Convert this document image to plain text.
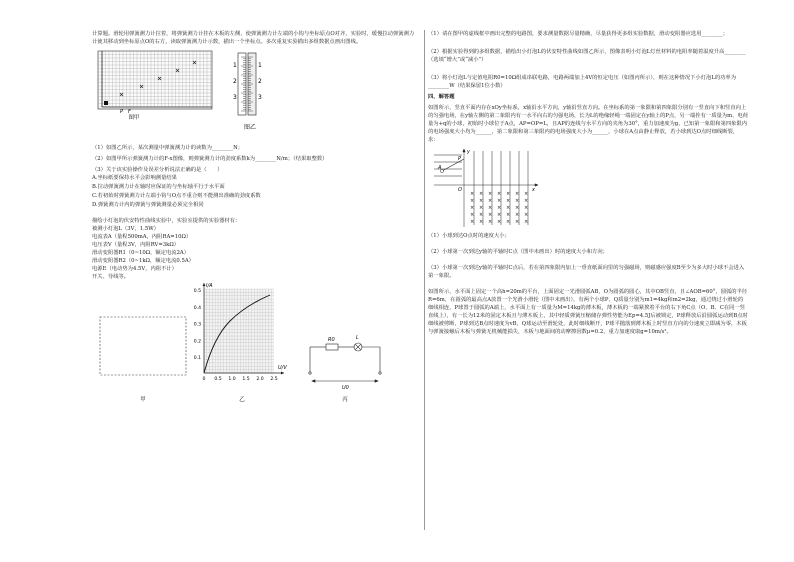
计算题。滑轮用弹簧测力计拉着，将弹簧测力计挂在木板的左侧，使弹簧测力计左端的小钩与坐标原点O对齐，实验时，缓慢拉动弹簧测力计使其移动到坐标原点O的右方，读取弹簧测力计示数，描出一个坐标点。多次重复实验描出多组数据点画出图线。

图甲
P F
1
2
3
1
2
3
图乙

（1）如图乙所示，某次测量中弹簧测力计的读数为________N；

（2）如图甲所示弹簧测力计的F-x图像，则弹簧测力计的劲度系数k为________N/m；（结果取整数）

（3）关于该实验操作及误差分析说法正确的是（　　）

A.坐标纸要保持水平会影响测量结果

B.拉动弹簧测力计在轴时应保证的与坐标轴平行于水平面

C.若初始时弹簧测力计左端小钩与O点不重合则不能测出准确的劲度系数

D.弹簧测力计内的弹簧与弹簧测量必须完全相同

描绘小灯泡的伏安特性曲线实验中，实验室提供的实验器材有：

被测小灯泡L（3V，1.5W）

电流表A（量程500mA，内阻RA=10Ω）

电压表V（量程3V，内阻RV=3kΩ）

滑动变阻器R1（0~10Ω，额定电流2A）

滑动变阻器R2（0~1kΩ，额定电流0.5A）

电源E（电动势为4.5V，内阻不计）

开关、导线等。

甲
I/A
U/V
0.5
0.4
0.3
0.2
0.1
0 0.5 1.0 1.5 2.0 2.5
乙
R0	L
U0
丙

（1）请在图甲的虚线框中画出完整的电路图，要求测量数据尽量精确，尽量获得更多组实验数据，滑动变阻器应选用________；

（2）根据实验得到的多组数据，描绘出小灯泡L的伏安特性曲线如图乙所示，图像表明小灯泡L灯丝材料的电阻率随着温度升高________（选填“增大”或“减小”）

（3）将小灯泡L与定值电阻R0=10Ω组成串联电路，电路两端加上4V的恒定电压（如图丙所示），则在这种情况下小灯泡L的功率为________W（结果保留1位小数）

四、解答题

如图所示，竖直平面内存在xOy坐标系，x轴沿水平方向，y轴沿竖直方向。在坐标系的第一象限和第四象限分别有一竖直向下和竖直向上的匀强电场，在y轴左侧的第二象限内有一水平向右的匀强电场，长为L的绝缘轻绳一端固定在y轴上的P点，另一端拴有一质量为m、电荷量为+q的小球，初始时小球位于A点，AP=OP=L，且AP的连线与水平方向的夹角为30°，重力加速度为g，已知第一象限和第四象限内的电场强度大小均为______，第二象限和第三象限内的电场强度大小为______，小球在A点由静止释放，若小球到达O点时细线断裂，求：

×
×
×
×
×
×
×
×
×
×
×
×
×
×
×
×
×
×
×
×
×
×
×
×
×
×
×
×
×
×
×
×
×
×
×
P
A
O	x
y

（1）小球到达O点时的速度大小；

（2）小球第一次到达y轴的平轴时C点（图中未画出）时的速度大小和方向；

（3）小球第一次到达y轴的平轴时C点后，若在第四象限内加上一垂直纸面向里的匀强磁场，则磁感应强度B至少为多大时小球不会进入第一象限。

如图所示，水平面上固定一个高h=20m的平台，上面固定一光滑圆弧AB，O为圆弧的圆心，其中OB竖直，且∠AOB=60°，圆弧的半径R=6m，在圆弧的最高点A放置一个光滑小滑轮（图中未画出），有两个小球P、Q质量分别为m1=4kg和m2=2kg，通过绕过小滑轮的细线相连，P球置于圆弧的A端上，水平面上有一质量为M=14kg的薄木板，薄木板的一端紧挨着平台的右下角C点（O、B、C在同一竖直线上），有一长为12米的固定木板且与薄木板上，其中轻质弹簧压缩储存弹性势能为Ep=4.5J后被锁定，P球释放后沿圆弧运动到B点时细线被剪断，P球到达B点时速度为vB，Q球运动至滑轮处，此时细线断开，P球平抛落到薄木板上时竖直方向的分速度立即减为零，木板与弹簧接触后木板与弹簧无机械能损失，木板与地面间的动摩擦因数μ=0.2，重力加速度取g=10m/s²。
